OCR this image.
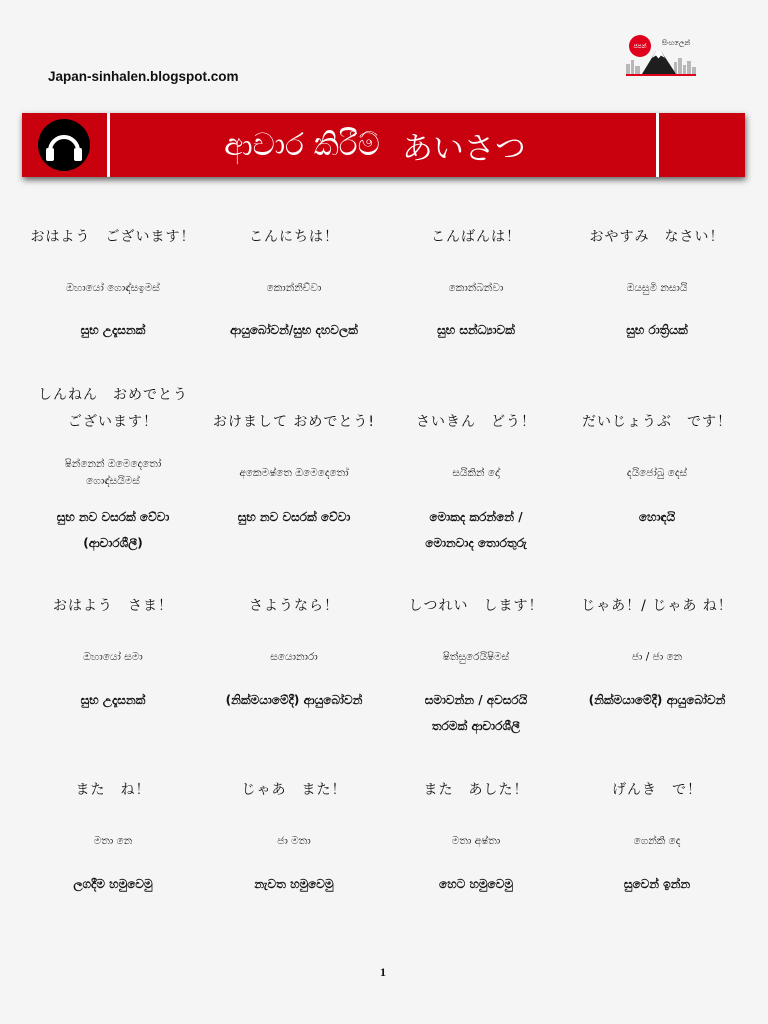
Japan-sinhalen.blogspot.com
ජපන් සිංහලෙන්
ආචාර කිරීම් あいさつ
おはよう　ございます！
ඔහායෝ ගොඳ්සඉමස්
සුභ උදෑසනක්
こんにちは！
කොන්නිච්වා
ආයුබෝවන්/සුභ දහවලක්
こんばんは！
කොන්බන්වා
සුභ සන්ධ්‍යාවක්
おやすみ　なさい！
ඔයසුමි නසායි
සුභ රාත්‍රියක්
しんねん　おめでとう
ございます！
ෂින්නෙන් ඔමෙදෙතෝ
ගොඳ්සයිමස්
සුභ නව වසරක් වේවා
(ආචාරශීලී)
おけまして おめでとう!
අකෙමෂ්තෙ ඔමෙදෙතෝ
සුභ නව වසරක් වේවා
さいきん　どう！
සයිකින් දෝ
මොකද කරන්නේ /
මොනවාද තොරතුරු
だいじょうぶ　です！
දයිජෝබු දෙස්
හොඳයි
おはよう　さま！
ඔහායෝ සමා
සුභ උදෑසනක්
さようなら！
සයොනාරා
(නික්මයාමේදී) ආයුබෝවන්
しつれい　します！
ෂිත්සුරෙයිෂිමස්
සමාවන්න / අවසරයි
තරමක් ආචාරශීලී
じゃあ！/ じゃあ ね！
ජා / ජා නෙ
(නික්මයාමේදී) ආයුබෝවන්
また　ね！
මතා නෙ
ලගදීම හමුවෙමු
じゃあ　また！
ජා මතා
නැවත හමුවෙමු
また　あした！
මතා අෂ්තා
හෙට හමුවෙමු
げんき　で！
ගෙන්කි දෙ
සුවෙන් ඉන්න
1
